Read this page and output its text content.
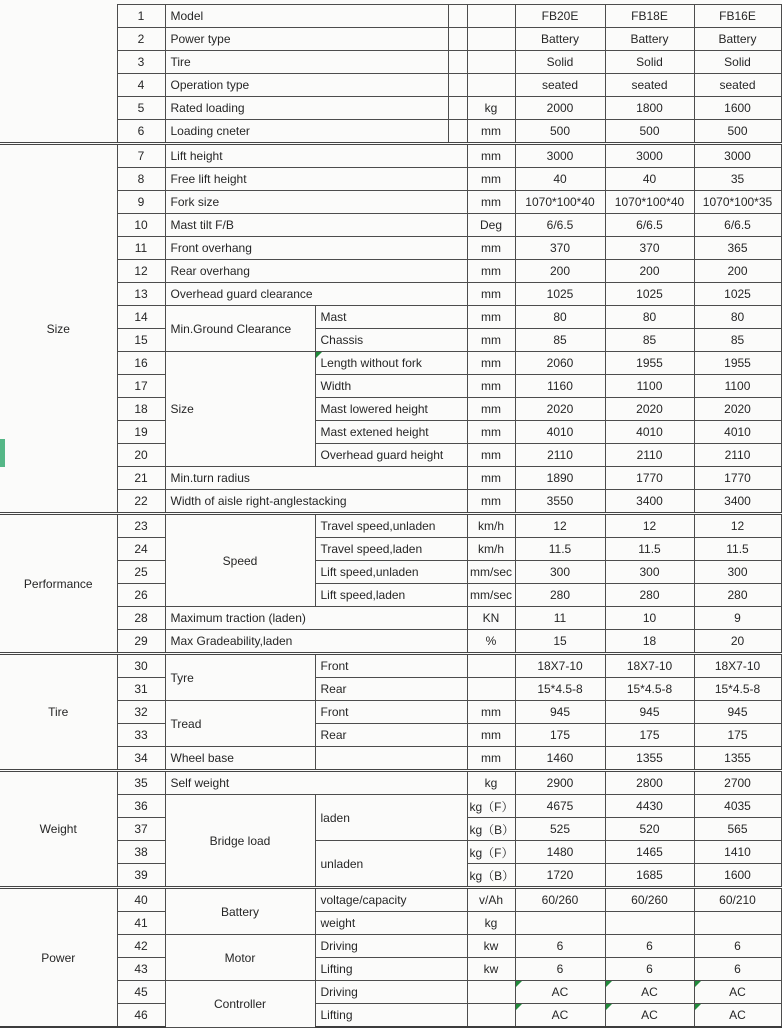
	1	Model				FB20E	FB18E	FB16E
	2	Power type				Battery	Battery	Battery
	3	Tire				Solid	Solid	Solid
	4	Operation type				seated	seated	seated
	5	Rated loading			kg	2000	1800	1600
	6	Loading cneter			mm	500	500	500
Size	7	Lift height			mm	3000	3000	3000
	8	Free lift height			mm	40	40	35
	9	Fork size			mm	1070*100*40	1070*100*40	1070*100*35
	10	Mast tilt F/B			Deg	6/6.5	6/6.5	6/6.5
	11	Front overhang			mm	370	370	365
	12	Rear overhang			mm	200	200	200
	13	Overhead guard clearance			mm	1025	1025	1025
	14	Min.Ground Clearance	Mast		mm	80	80	80
	15		Chassis		mm	85	85	85
	16	Size	Length without fork		mm	2060	1955	1955
	17		Width		mm	1160	1100	1100
	18		Mast lowered height		mm	2020	2020	2020
	19		Mast extened height		mm	4010	4010	4010
	20		Overhead guard height		mm	2110	2110	2110
	21	Min.turn radius			mm	1890	1770	1770
	22	Width of aisle right-anglestacking			mm	3550	3400	3400
Performance	23	Speed	Travel speed,unladen		km/h	12	12	12
	24		Travel speed,laden		km/h	11.5	11.5	11.5
	25		Lift speed,unladen		mm/sec	300	300	300
	26		Lift speed,laden		mm/sec	280	280	280
	28	Maximum traction (laden)			KN	11	10	9
	29	Max Gradeability,laden			%	15	18	20
Tire	30	Tyre	Front			18X7-10	18X7-10	18X7-10
	31		Rear			15*4.5-8	15*4.5-8	15*4.5-8
	32	Tread	Front		mm	945	945	945
	33		Rear		mm	175	175	175
	34	Wheel base			mm	1460	1355	1355
Weight	35	Self weight			kg	2900	2800	2700
	36	Bridge load	laden		kg（F）	4675	4430	4035
	37				kg（B）	525	520	565
	38		unladen		kg（F）	1480	1465	1410
	39				kg（B）	1720	1685	1600
Power	40	Battery	voltage/capacity		v/Ah	60/260	60/260	60/210
	41		weight		kg			
	42	Motor	Driving		kw	6	6	6
	43		Lifting		kw	6	6	6
	45	Controller	Driving			AC	AC	AC
	46		Lifting			AC	AC	AC
